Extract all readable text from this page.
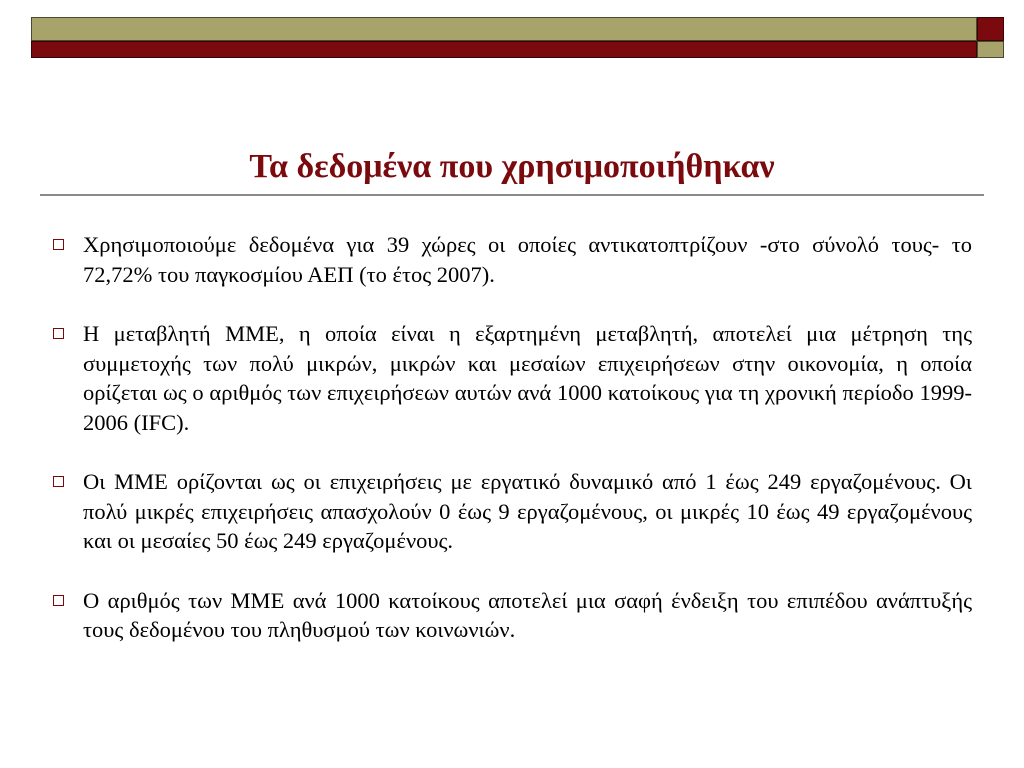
Τα δεδομένα που χρησιμοποιήθηκαν
Χρησιμοποιούμε δεδομένα για 39 χώρες οι οποίες αντικατοπτρίζουν -στο σύνολό τους- το 72,72% του παγκοσμίου ΑΕΠ (το έτος 2007).
Η μεταβλητή ΜΜΕ, η οποία είναι η εξαρτημένη μεταβλητή, αποτελεί μια μέτρηση της συμμετοχής των πολύ μικρών, μικρών και μεσαίων επιχειρήσεων στην οικονομία, η οποία ορίζεται ως ο αριθμός των επιχειρήσεων αυτών ανά 1000 κατοίκους για τη χρονική περίοδο 1999-2006 (IFC).
Οι ΜΜΕ ορίζονται ως οι επιχειρήσεις με εργατικό δυναμικό από 1 έως 249 εργαζομένους. Οι πολύ μικρές επιχειρήσεις απασχολούν 0 έως 9 εργαζομένους, οι μικρές 10 έως 49 εργαζομένους και οι μεσαίες 50 έως 249 εργαζομένους.
Ο αριθμός των ΜΜΕ ανά 1000 κατοίκους αποτελεί μια σαφή ένδειξη του επιπέδου ανάπτυξής τους δεδομένου του πληθυσμού των κοινωνιών.
